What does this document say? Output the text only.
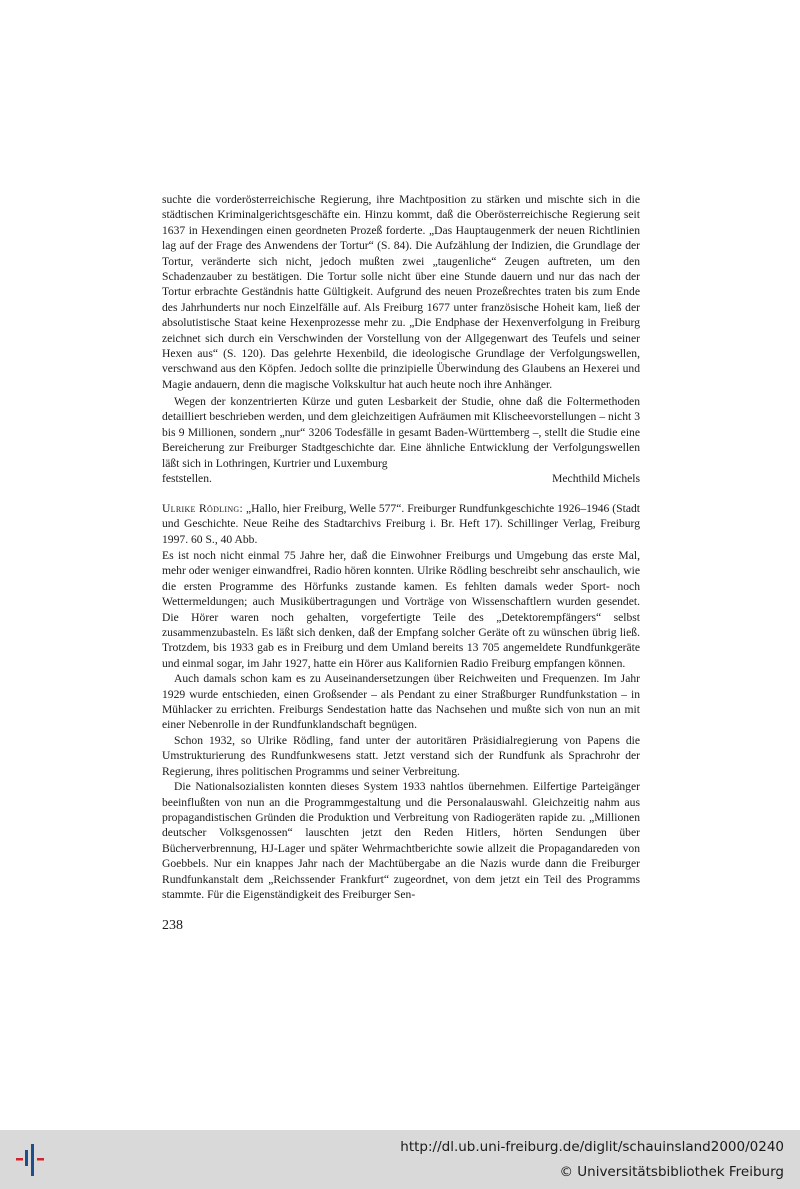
suchte die vorderösterreichische Regierung, ihre Machtposition zu stärken und mischte sich in die städtischen Kriminalgerichtsgeschäfte ein. Hinzu kommt, daß die Oberösterreichische Regierung seit 1637 in Hexendingen einen geordneten Prozeß forderte. „Das Hauptaugenmerk der neuen Richtlinien lag auf der Frage des Anwendens der Tortur“ (S. 84). Die Aufzählung der Indizien, die Grundlage der Tortur, veränderte sich nicht, jedoch mußten zwei „taugenliche“ Zeugen auftreten, um den Schadenzauber zu bestätigen. Die Tortur solle nicht über eine Stunde dauern und nur das nach der Tortur erbrachte Geständnis hatte Gültigkeit. Aufgrund des neuen Prozeßrechtes traten bis zum Ende des Jahrhunderts nur noch Einzelfälle auf. Als Freiburg 1677 unter französische Hoheit kam, ließ der absolutistische Staat keine Hexenprozesse mehr zu. „Die Endphase der Hexenverfolgung in Freiburg zeichnet sich durch ein Verschwinden der Vorstellung von der Allgegenwart des Teufels und seiner Hexen aus“ (S. 120). Das gelehrte Hexenbild, die ideologische Grundlage der Verfolgungswellen, verschwand aus den Köpfen. Jedoch sollte die prinzipielle Überwindung des Glaubens an Hexerei und Magie andauern, denn die magische Volkskultur hat auch heute noch ihre Anhänger.

Wegen der konzentrierten Kürze und guten Lesbarkeit der Studie, ohne daß die Foltermethoden detailliert beschrieben werden, und dem gleichzeitigen Aufräumen mit Klischeevorstellungen – nicht 3 bis 9 Millionen, sondern „nur“ 3206 Todesfälle in gesamt Baden-Württemberg –, stellt die Studie eine Bereicherung zur Freiburger Stadtgeschichte dar. Eine ähnliche Entwicklung der Verfolgungswellen läßt sich in Lothringen, Kurtrier und Luxemburg

feststellen.	Mechthild Michels

Ulrike Rödling: „Hallo, hier Freiburg, Welle 577“. Freiburger Rundfunkgeschichte 1926–1946 (Stadt und Geschichte. Neue Reihe des Stadtarchivs Freiburg i. Br. Heft 17). Schillinger Verlag, Freiburg 1997. 60 S., 40 Abb.

Es ist noch nicht einmal 75 Jahre her, daß die Einwohner Freiburgs und Umgebung das erste Mal, mehr oder weniger einwandfrei, Radio hören konnten. Ulrike Rödling beschreibt sehr anschaulich, wie die ersten Programme des Hörfunks zustande kamen. Es fehlten damals weder Sport- noch Wettermeldungen; auch Musikübertragungen und Vorträge von Wissenschaftlern wurden gesendet. Die Hörer waren noch gehalten, vorgefertigte Teile des „Detektorempfängers“ selbst zusammenzubasteln. Es läßt sich denken, daß der Empfang solcher Geräte oft zu wünschen übrig ließ. Trotzdem, bis 1933 gab es in Freiburg und dem Umland bereits 13 705 angemeldete Rundfunkgeräte und einmal sogar, im Jahr 1927, hatte ein Hörer aus Kalifornien Radio Freiburg empfangen können.

Auch damals schon kam es zu Auseinandersetzungen über Reichweiten und Frequenzen. Im Jahr 1929 wurde entschieden, einen Großsender – als Pendant zu einer Straßburger Rundfunkstation – in Mühlacker zu errichten. Freiburgs Sendestation hatte das Nachsehen und mußte sich von nun an mit einer Nebenrolle in der Rundfunklandschaft begnügen.

Schon 1932, so Ulrike Rödling, fand unter der autoritären Präsidialregierung von Papens die Umstrukturierung des Rundfunkwesens statt. Jetzt verstand sich der Rundfunk als Sprachrohr der Regierung, ihres politischen Programms und seiner Verbreitung.

Die Nationalsozialisten konnten dieses System 1933 nahtlos übernehmen. Eilfertige Parteigänger beeinflußten von nun an die Programmgestaltung und die Personalauswahl. Gleichzeitig nahm aus propagandistischen Gründen die Produktion und Verbreitung von Radiogeräten rapide zu. „Millionen deutscher Volksgenossen“ lauschten jetzt den Reden Hitlers, hörten Sendungen über Bücherverbrennung, HJ-Lager und später Wehrmachtberichte sowie allzeit die Propagandareden von Goebbels. Nur ein knappes Jahr nach der Machtübergabe an die Nazis wurde dann die Freiburger Rundfunkanstalt dem „Reichssender Frankfurt“ zugeordnet, von dem jetzt ein Teil des Programms stammte. Für die Eigenständigkeit des Freiburger Sen-

238
http://dl.ub.uni-freiburg.de/diglit/schauinsland2000/0240
© Universitätsbibliothek Freiburg
